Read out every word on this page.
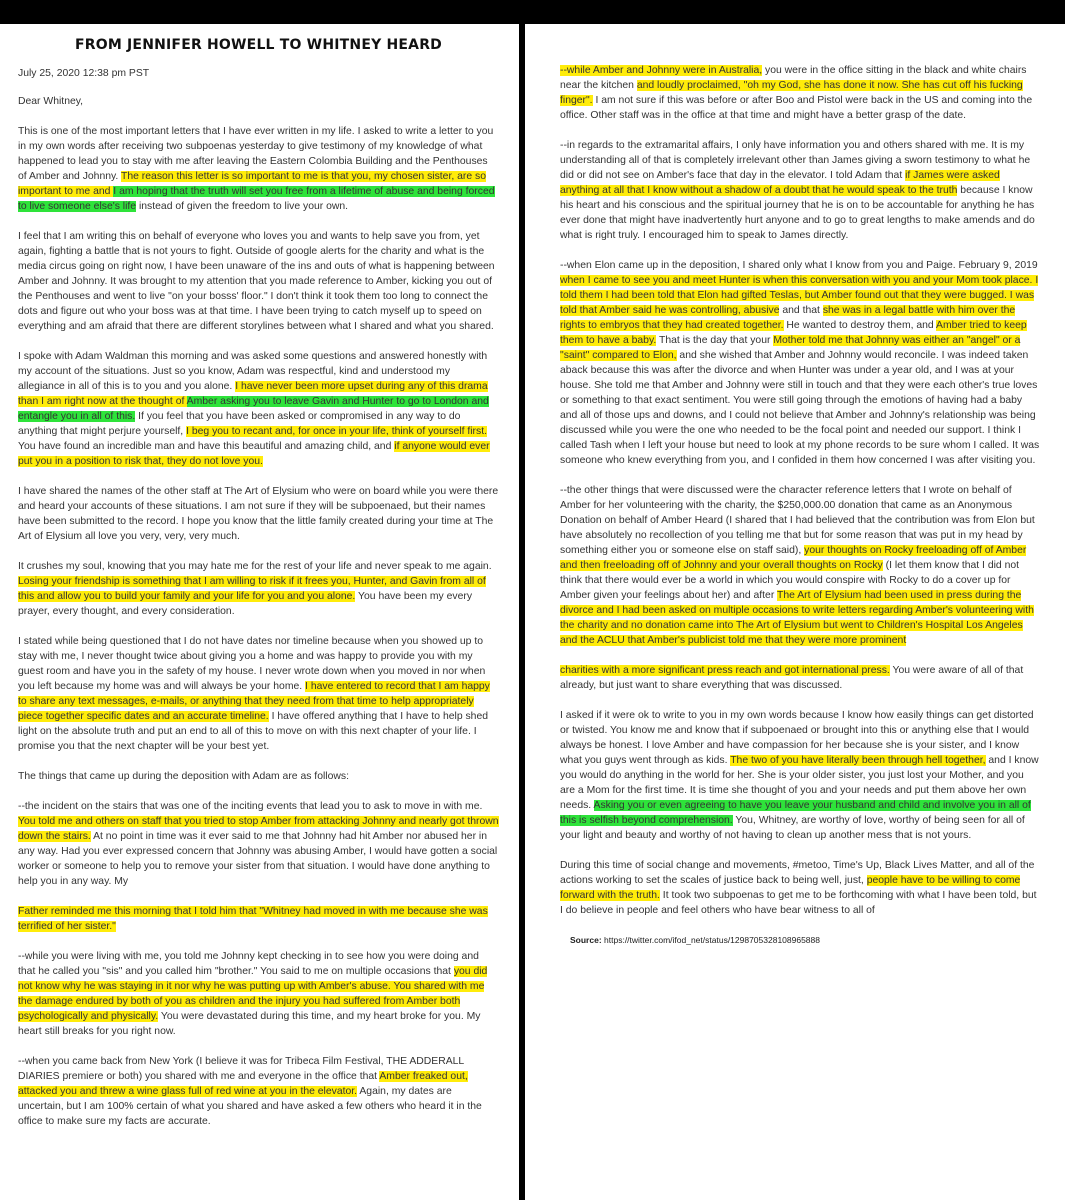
FROM JENNIFER HOWELL TO WHITNEY HEARD
July 25, 2020 12:38 pm PST

Dear Whitney,

This is one of the most important letters that I have ever written in my life. I asked to write a letter to you in my own words after receiving two subpoenas yesterday to give testimony of my knowledge of what happened to lead you to stay with me after leaving the Eastern Colombia Building and the Penthouses of Amber and Johnny. The reason this letter is so important to me is that you, my chosen sister, are so important to me and I am hoping that the truth will set you free from a lifetime of abuse and being forced to live someone else's life instead of given the freedom to live your own.

I feel that I am writing this on behalf of everyone who loves you and wants to help save you from, yet again, fighting a battle that is not yours to fight. Outside of google alerts for the charity and what is the media circus going on right now, I have been unaware of the ins and outs of what is happening between Amber and Johnny. It was brought to my attention that you made reference to Amber, kicking you out of the Penthouses and went to live "on your bosss' floor." I don't think it took them too long to connect the dots and figure out who your boss was at that time. I have been trying to catch myself up to speed on everything and am afraid that there are different storylines between what I shared and what you shared.

I spoke with Adam Waldman this morning and was asked some questions and answered honestly with my account of the situations. Just so you know, Adam was respectful, kind and understood my allegiance in all of this is to you and you alone. I have never been more upset during any of this drama than I am right now at the thought of Amber asking you to leave Gavin and Hunter to go to London and entangle you in all of this. If you feel that you have been asked or compromised in any way to do anything that might perjure yourself, I beg you to recant and, for once in your life, think of yourself first. You have found an incredible man and have this beautiful and amazing child, and if anyone would ever put you in a position to risk that, they do not love you.

I have shared the names of the other staff at The Art of Elysium who were on board while you were there and heard your accounts of these situations. I am not sure if they will be subpoenaed, but their names have been submitted to the record. I hope you know that the little family created during your time at The Art of Elysium all love you very, very, very much.

It crushes my soul, knowing that you may hate me for the rest of your life and never speak to me again. Losing your friendship is something that I am willing to risk if it frees you, Hunter, and Gavin from all of this and allow you to build your family and your life for you and you alone. You have been my every prayer, every thought, and every consideration.

I stated while being questioned that I do not have dates nor timeline because when you showed up to stay with me, I never thought twice about giving you a home and was happy to provide you with my guest room and have you in the safety of my house. I never wrote down when you moved in nor when you left because my home was and will always be your home. I have entered to record that I am happy to share any text messages, e-mails, or anything that they need from that time to help appropriately piece together specific dates and an accurate timeline. I have offered anything that I have to help shed light on the absolute truth and put an end to all of this to move on with this next chapter of your life. I promise you that the next chapter will be your best yet.

The things that came up during the deposition with Adam are as follows:

--the incident on the stairs that was one of the inciting events that lead you to ask to move in with me. You told me and others on staff that you tried to stop Amber from attacking Johnny and nearly got thrown down the stairs. At no point in time was it ever said to me that Johnny had hit Amber nor abused her in any way. Had you ever expressed concern that Johnny was abusing Amber, I would have gotten a social worker or someone to help you to remove your sister from that situation. I would have done anything to help you in any way. My

Father reminded me this morning that I told him that "Whitney had moved in with me because she was terrified of her sister."

--while you were living with me, you told me Johnny kept checking in to see how you were doing and that he called you "sis" and you called him "brother." You said to me on multiple occasions that you did not know why he was staying in it nor why he was putting up with Amber's abuse. You shared with me the damage endured by both of you as children and the injury you had suffered from Amber both psychologically and physically. You were devastated during this time, and my heart broke for you. My heart still breaks for you right now.

--when you came back from New York (I believe it was for Tribeca Film Festival, THE ADDERALL DIARIES premiere or both) you shared with me and everyone in the office that Amber freaked out, attacked you and threw a wine glass full of red wine at you in the elevator. Again, my dates are uncertain, but I am 100% certain of what you shared and have asked a few others who heard it in the office to make sure my facts are accurate.

--while Amber and Johnny were in Australia, you were in the office sitting in the black and white chairs near the kitchen and loudly proclaimed, "oh my God, she has done it now. She has cut off his fucking finger". I am not sure if this was before or after Boo and Pistol were back in the US and coming into the office. Other staff was in the office at that time and might have a better grasp of the date.

--in regards to the extramarital affairs, I only have information you and others shared with me. It is my understanding all of that is completely irrelevant other than James giving a sworn testimony to what he did or did not see on Amber's face that day in the elevator. I told Adam that if James were asked anything at all that I know without a shadow of a doubt that he would speak to the truth because I know his heart and his conscious and the spiritual journey that he is on to be accountable for anything he has ever done that might have inadvertently hurt anyone and to go to great lengths to make amends and do what is right truly. I encouraged him to speak to James directly.

--when Elon came up in the deposition, I shared only what I know from you and Paige. February 9, 2019 when I came to see you and meet Hunter is when this conversation with you and your Mom took place. I told them I had been told that Elon had gifted Teslas, but Amber found out that they were bugged. I was told that Amber said he was controlling, abusive and that she was in a legal battle with him over the rights to embryos that they had created together. He wanted to destroy them, and Amber tried to keep them to have a baby. That is the day that your Mother told me that Johnny was either an "angel" or a "saint" compared to Elon, and she wished that Amber and Johnny would reconcile. I was indeed taken aback because this was after the divorce and when Hunter was under a year old, and I was at your house. She told me that Amber and Johnny were still in touch and that they were each other's true loves or something to that exact sentiment. You were still going through the emotions of having had a baby and all of those ups and downs, and I could not believe that Amber and Johnny's relationship was being discussed while you were the one who needed to be the focal point and needed our support. I think I called Tash when I left your house but need to look at my phone records to be sure whom I called. It was someone who knew everything from you, and I confided in them how concerned I was after visiting you.

--the other things that were discussed were the character reference letters that I wrote on behalf of Amber for her volunteering with the charity, the $250,000.00 donation that came as an Anonymous Donation on behalf of Amber Heard (I shared that I had believed that the contribution was from Elon but have absolutely no recollection of you telling me that but for some reason that was put in my head by something either you or someone else on staff said), your thoughts on Rocky freeloading off of Amber and then freeloading off of Johnny and your overall thoughts on Rocky (I let them know that I did not think that there would ever be a world in which you would conspire with Rocky to do a cover up for Amber given your feelings about her) and after The Art of Elysium had been used in press during the divorce and I had been asked on multiple occasions to write letters regarding Amber's volunteering with the charity and no donation came into The Art of Elysium but went to Children's Hospital Los Angeles and the ACLU that Amber's publicist told me that they were more prominent

charities with a more significant press reach and got international press. You were aware of all of that already, but just want to share everything that was discussed.

I asked if it were ok to write to you in my own words because I know how easily things can get distorted or twisted. You know me and know that if subpoenaed or brought into this or anything else that I would always be honest. I love Amber and have compassion for her because she is your sister, and I know what you guys went through as kids. The two of you have literally been through hell together, and I know you would do anything in the world for her. She is your older sister, you just lost your Mother, and you are a Mom for the first time. It is time she thought of you and your needs and put them above her own needs. Asking you or even agreeing to have you leave your husband and child and involve you in all of this is selfish beyond comprehension. You, Whitney, are worthy of love, worthy of being seen for all of your light and beauty and worthy of not having to clean up another mess that is not yours.

During this time of social change and movements, #metoo, Time's Up, Black Lives Matter, and all of the actions working to set the scales of justice back to being well, just, people have to be willing to come forward with the truth. It took two subpoenas to get me to be forthcoming with what I have been told, but I do believe in people and feel others who have bear witness to all of

Source: https://twitter.com/ifod_net/status/1298705328108965888
